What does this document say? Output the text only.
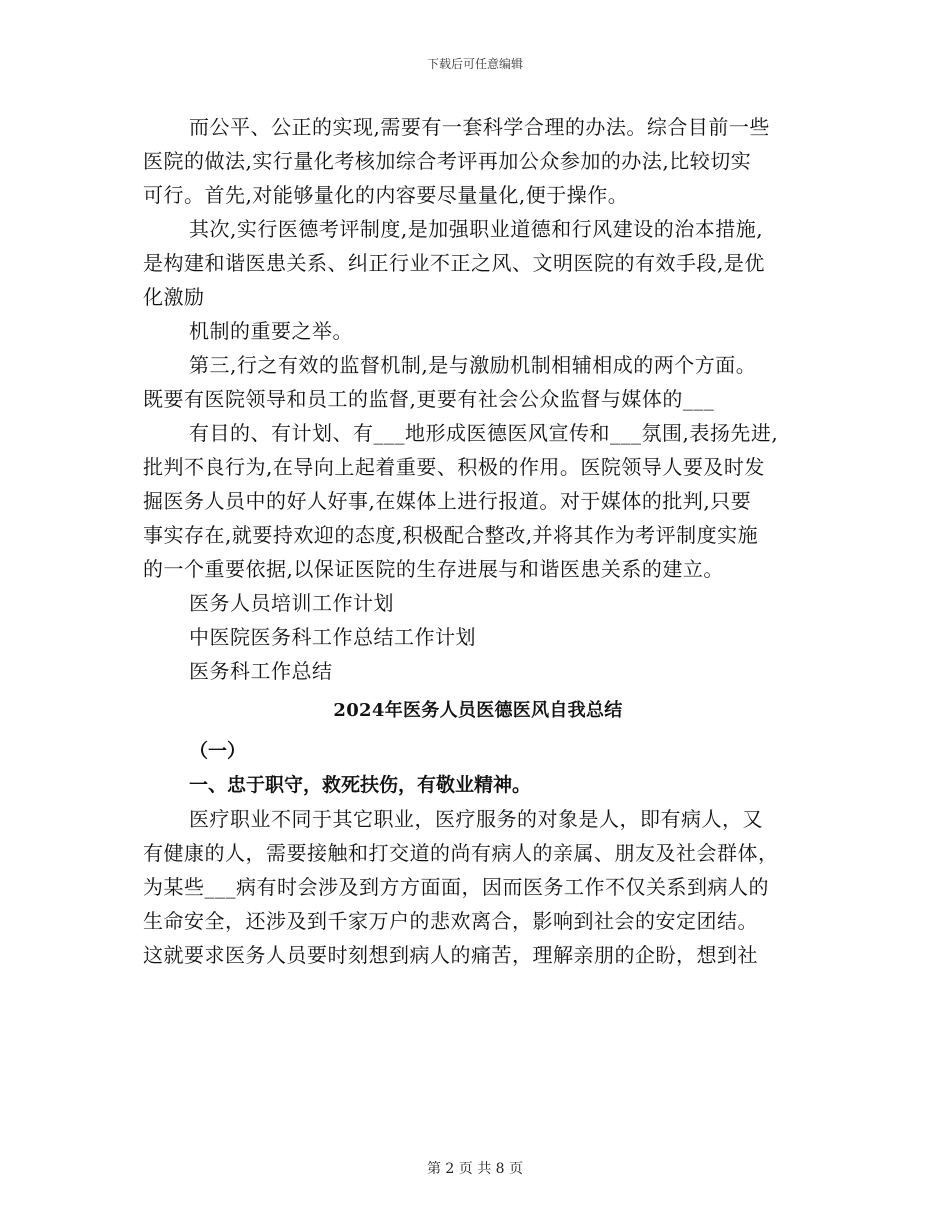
下载后可任意编辑
而公平、公正的实现,需要有一套科学合理的办法。综合目前一些
医院的做法,实行量化考核加综合考评再加公众参加的办法,比较切实
可行。首先,对能够量化的内容要尽量量化,便于操作。
其次,实行医德考评制度,是加强职业道德和行风建设的治本措施,
是构建和谐医患关系、纠正行业不正之风、文明医院的有效手段,是优
化激励
机制的重要之举。
第三,行之有效的监督机制,是与激励机制相辅相成的两个方面。
既要有医院领导和员工的监督,更要有社会公众监督与媒体的___
有目的、有计划、有___地形成医德医风宣传和___氛围,表扬先进,
批判不良行为,在导向上起着重要、积极的作用。医院领导人要及时发
掘医务人员中的好人好事,在媒体上进行报道。对于媒体的批判,只要
事实存在,就要持欢迎的态度,积极配合整改,并将其作为考评制度实施
的一个重要依据,以保证医院的生存进展与和谐医患关系的建立。
医务人员培训工作计划
中医院医务科工作总结工作计划
医务科工作总结
2024年医务人员医德医风自我总结
（一）
一、忠于职守，救死扶伤，有敬业精神。
医疗职业不同于其它职业，医疗服务的对象是人，即有病人，又
有健康的人，需要接触和打交道的尚有病人的亲属、朋友及社会群体，
为某些___病有时会涉及到方方面面，因而医务工作不仅关系到病人的
生命安全，还涉及到千家万户的悲欢离合，影响到社会的安定团结。
这就要求医务人员要时刻想到病人的痛苦，理解亲朋的企盼，想到社
第 2 页 共 8 页
